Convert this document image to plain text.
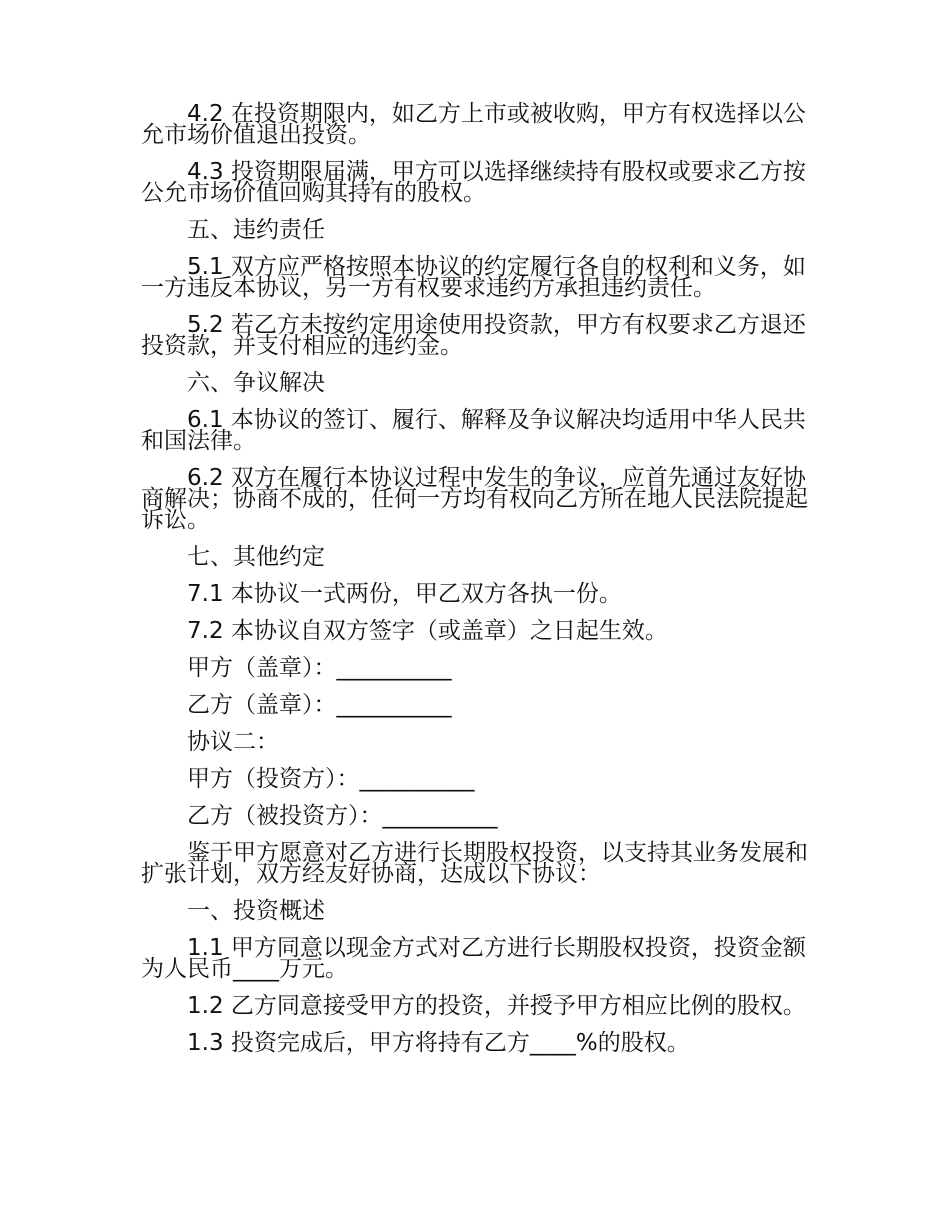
4.2 在投资期限内，如乙方上市或被收购，甲方有权选择以公允市场价值退出投资。

4.3 投资期限届满，甲方可以选择继续持有股权或要求乙方按公允市场价值回购其持有的股权。

五、违约责任

5.1 双方应严格按照本协议的约定履行各自的权利和义务，如一方违反本协议，另一方有权要求违约方承担违约责任。

5.2 若乙方未按约定用途使用投资款，甲方有权要求乙方退还投资款，并支付相应的违约金。

六、争议解决

6.1 本协议的签订、履行、解释及争议解决均适用中华人民共和国法律。

6.2 双方在履行本协议过程中发生的争议，应首先通过友好协商解决；协商不成的，任何一方均有权向乙方所在地人民法院提起诉讼。

七、其他约定

7.1 本协议一式两份，甲乙双方各执一份。

7.2 本协议自双方签字（或盖章）之日起生效。

甲方（盖章）：__________

乙方（盖章）：__________

协议二：

甲方（投资方）：__________

乙方（被投资方）：__________

鉴于甲方愿意对乙方进行长期股权投资，以支持其业务发展和扩张计划，双方经友好协商，达成以下协议：

一、投资概述

1.1 甲方同意以现金方式对乙方进行长期股权投资，投资金额为人民币____万元。

1.2 乙方同意接受甲方的投资，并授予甲方相应比例的股权。

1.3 投资完成后，甲方将持有乙方____%的股权。
